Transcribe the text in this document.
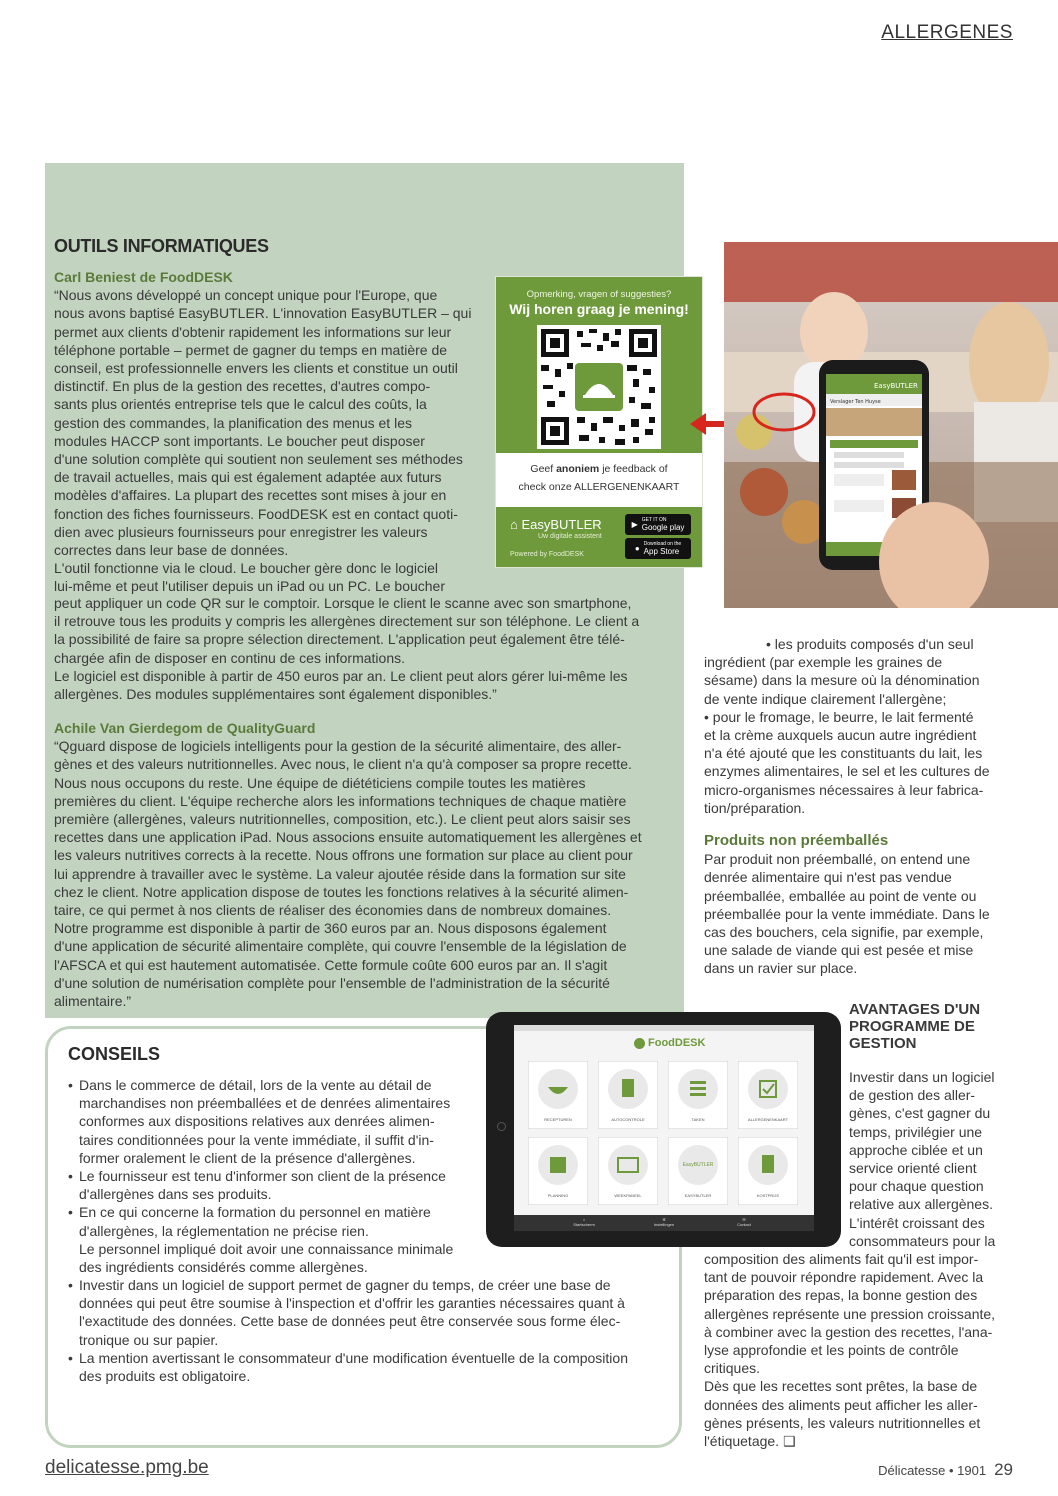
ALLERGENES
OUTILS INFORMATIQUES

Carl Beniest de FoodDESK

“Nous avons développé un concept unique pour l'Europe, que

nous avons baptisé EasyBUTLER. L'innovation EasyBUTLER – qui

permet aux clients d'obtenir rapidement les informations sur leur

téléphone portable – permet de gagner du temps en matière de

conseil, est professionnelle envers les clients et constitue un outil

distinctif. En plus de la gestion des recettes, d'autres compo-

sants plus orientés entreprise tels que le calcul des coûts, la

gestion des commandes, la planification des menus et les

modules HACCP sont importants. Le boucher peut disposer

d'une solution complète qui soutient non seulement ses méthodes

de travail actuelles, mais qui est également adaptée aux futurs

modèles d'affaires. La plupart des recettes sont mises à jour en

fonction des fiches fournisseurs. FoodDESK est en contact quoti-

dien avec plusieurs fournisseurs pour enregistrer les valeurs

correctes dans leur base de données.

L'outil fonctionne via le cloud. Le boucher gère donc le logiciel

lui-même et peut l'utiliser depuis un iPad ou un PC. Le boucher

peut appliquer un code QR sur le comptoir. Lorsque le client le scanne avec son smartphone,

il retrouve tous les produits y compris les allergènes directement sur son téléphone. Le client a

la possibilité de faire sa propre sélection directement. L'application peut également être télé-

chargée afin de disposer en continu de ces informations.

Le logiciel est disponible à partir de 450 euros par an. Le client peut alors gérer lui-même les

allergènes. Des modules supplémentaires sont également disponibles.”

Achile Van Gierdegom de QualityGuard

“Qguard dispose de logiciels intelligents pour la gestion de la sécurité alimentaire, des aller-

gènes et des valeurs nutritionnelles. Avec nous, le client n'a qu'à composer sa propre recette.

Nous nous occupons du reste. Une équipe de diététiciens compile toutes les matières

premières du client. L'équipe recherche alors les informations techniques de chaque matière

première (allergènes, valeurs nutritionnelles, composition, etc.). Le client peut alors saisir ses

recettes dans une application iPad. Nous associons ensuite automatiquement les allergènes et

les valeurs nutritives corrects à la recette. Nous offrons une formation sur place au client pour

lui apprendre à travailler avec le système. La valeur ajoutée réside dans la formation sur site

chez le client. Notre application dispose de toutes les fonctions relatives à la sécurité alimen-

taire, ce qui permet à nos clients de réaliser des économies dans de nombreux domaines.

Notre programme est disponible à partir de 360 euros par an. Nous disposons également

d'une application de sécurité alimentaire complète, qui couvre l'ensemble de la législation de

l'AFSCA et qui est hautement automatisée. Cette formule coûte 600 euros par an. Il s'agit

d'une solution de numérisation complète pour l'ensemble de l'administration de la sécurité

alimentaire.”

Opmerking, vragen of suggesties?
Wij horen graag je mening!
Geef anoniem je feedback of
check onze ALLERGENENKAART
⌂ EasyBUTLER
Uw digitale assistent
Powered by FoodDESK
▶ GET IT ON
Google play
● Download on the
App Store
EasyBUTLER
Verslager Ten Huyse

• les produits composés d'un seul

ingrédient (par exemple les graines de

sésame) dans la mesure où la dénomination

de vente indique clairement l'allergène;

• pour le fromage, le beurre, le lait fermenté

et la crème auxquels aucun autre ingrédient

n'a été ajouté que les constituants du lait, les

enzymes alimentaires, le sel et les cultures de

micro-organismes nécessaires à leur fabrica-

tion/préparation.

Produits non préemballés

Par produit non préemballé, on entend une

denrée alimentaire qui n'est pas vendue

préemballée, emballée au point de vente ou

préemballée pour la vente immédiate. Dans le

cas des bouchers, cela signifie, par exemple,

une salade de viande qui est pesée et mise

dans un ravier sur place.

AVANTAGES D'UN
PROGRAMME DE
GESTION

Investir dans un logiciel

de gestion des aller-

gènes, c'est gagner du

temps, privilégier une

approche ciblée et un

service orienté client

pour chaque question

relative aux allergènes.

L'intérêt croissant des

consommateurs pour la

composition des aliments fait qu'il est impor-

tant de pouvoir répondre rapidement. Avec la

préparation des repas, la bonne gestion des

allergènes représente une pression croissante,

à combiner avec la gestion des recettes, l'ana-

lyse approfondie et les points de contrôle

critiques.

Dès que les recettes sont prêtes, la base de

données des aliments peut afficher les aller-

gènes présents, les valeurs nutritionnelles et

l'étiquetage. ❑

CONSEILS
• Dans le commerce de détail, lors de la vente au détail de
marchandises non préemballées et de denrées alimentaires
conformes aux dispositions relatives aux denrées alimen-
taires conditionnées pour la vente immédiate, il suffit d'in-
former oralement le client de la présence d'allergènes.
• Le fournisseur est tenu d'informer son client de la présence
d'allergènes dans ses produits.
• En ce qui concerne la formation du personnel en matière
d'allergènes, la réglementation ne précise rien.
Le personnel impliqué doit avoir une connaissance minimale
des ingrédients considérés comme allergènes.
• Investir dans un logiciel de support permet de gagner du temps, de créer une base de
données qui peut être soumise à l'inspection et d'offrir les garanties nécessaires quant à
l'exactitude des données. Cette base de données peut être conservée sous forme élec-
tronique ou sur papier.
• La mention avertissant le consommateur d'une modification éventuelle de la composition
des produits est obligatoire.
FoodDESK
RECEPTUREN	AUTOCONTROLE	TAKEN	ALLERGENENKAART
PLANNING	WEEKPANEEL
EasyBUTLER
EASYBUTLER	KOSTPRIJS
⌂
Startscherm
✲
Instellingen
✉
Contact
delicatesse.pmg.be	Délicatesse • 1901 29
